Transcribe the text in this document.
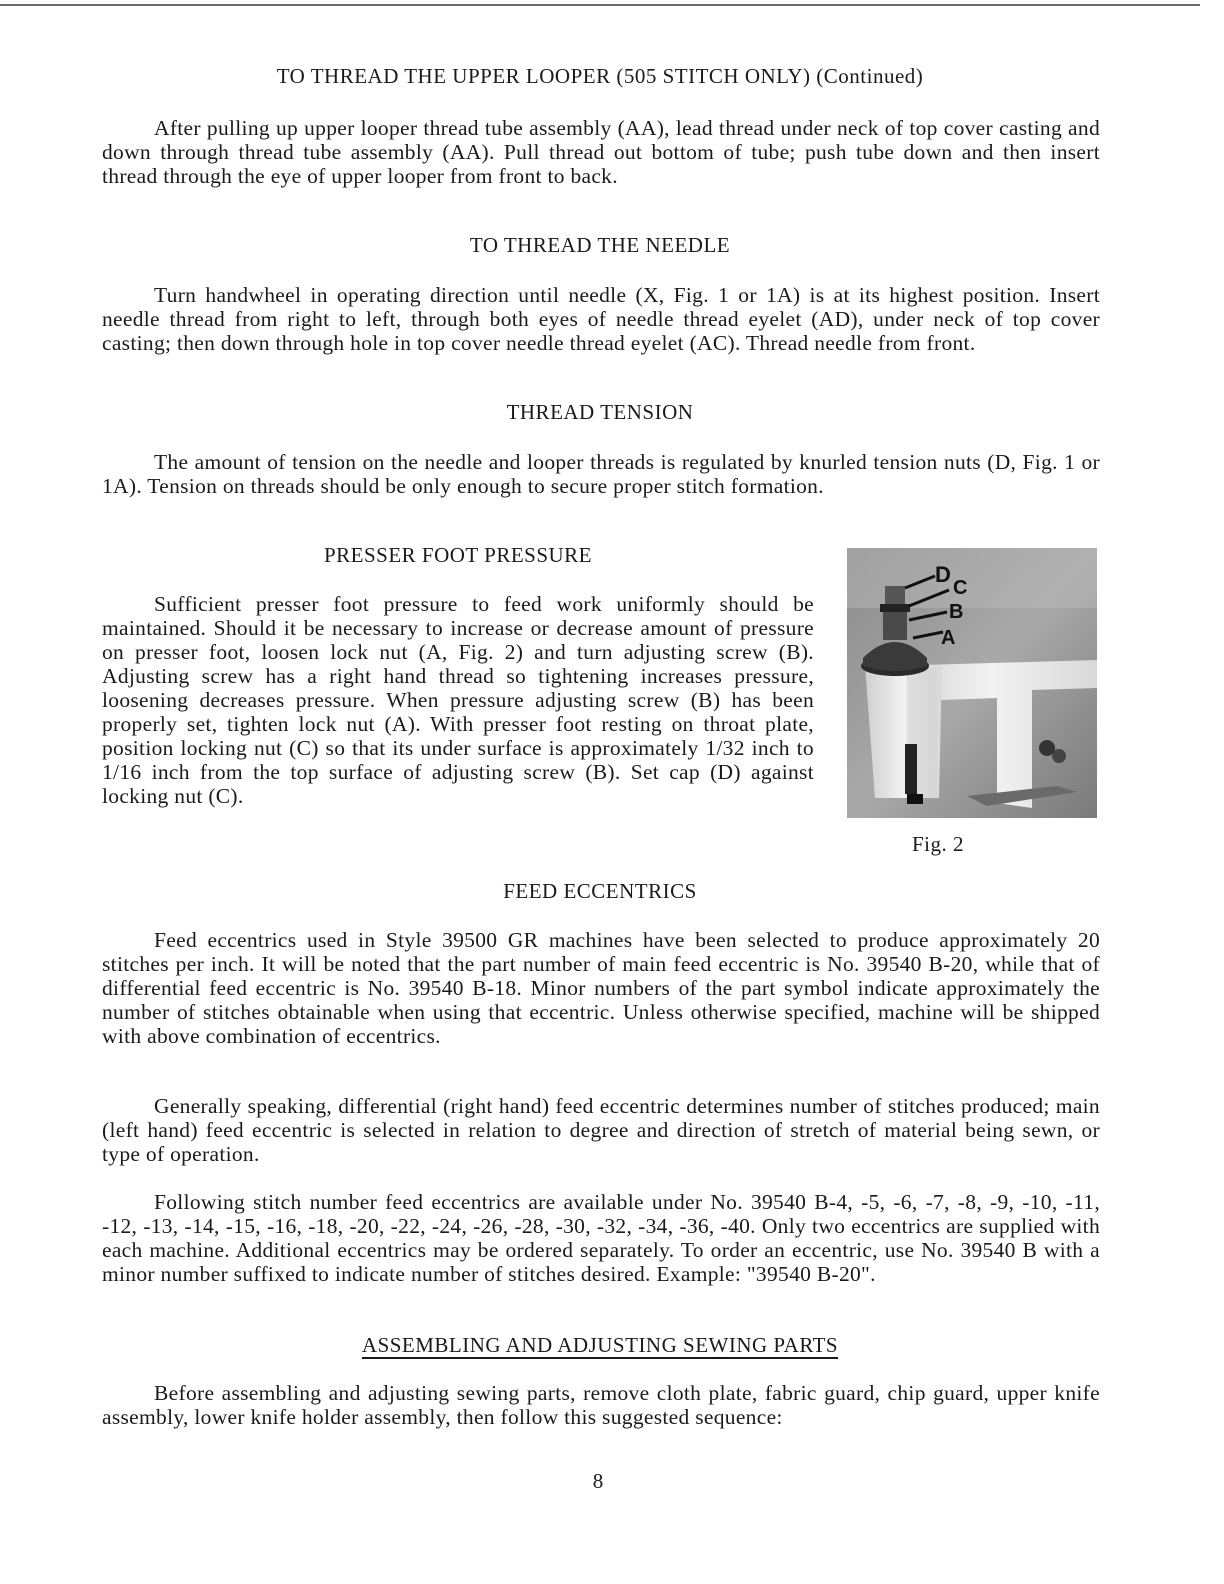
TO THREAD THE UPPER LOOPER (505 STITCH ONLY) (Continued)

After pulling up upper looper thread tube assembly (AA), lead thread under neck of top cover casting and down through thread tube assembly (AA). Pull thread out bottom of tube; push tube down and then insert thread through the eye of upper looper from front to back.

TO THREAD THE NEEDLE

Turn handwheel in operating direction until needle (X, Fig. 1 or 1A) is at its highest position. Insert needle thread from right to left, through both eyes of needle thread eyelet (AD), under neck of top cover casting; then down through hole in top cover needle thread eyelet (AC). Thread needle from front.

THREAD TENSION

The amount of tension on the needle and looper threads is regulated by knurled tension nuts (D, Fig. 1 or 1A). Tension on threads should be only enough to secure proper stitch formation.

PRESSER FOOT PRESSURE

Sufficient presser foot pressure to feed work uniformly should be maintained. Should it be necessary to increase or decrease amount of pressure on presser foot, loosen lock nut (A, Fig. 2) and turn adjusting screw (B). Adjusting screw has a right hand thread so tightening increases pressure, loosening decreases pressure. When pressure adjusting screw (B) has been properly set, tighten lock nut (A). With presser foot resting on throat plate, position locking nut (C) so that its under surface is approximately 1/32 inch to 1/16 inch from the top surface of adjusting screw (B). Set cap (D) against locking nut (C).

D
C
B
A
Fig. 2
FEED ECCENTRICS

Feed eccentrics used in Style 39500 GR machines have been selected to produce approximately 20 stitches per inch. It will be noted that the part number of main feed eccentric is No. 39540 B-20, while that of differential feed eccentric is No. 39540 B-18. Minor numbers of the part symbol indicate approximately the number of stitches obtainable when using that eccentric. Unless otherwise specified, machine will be shipped with above combination of eccentrics.

Generally speaking, differential (right hand) feed eccentric determines number of stitches produced; main (left hand) feed eccentric is selected in relation to degree and direction of stretch of material being sewn, or type of operation.

Following stitch number feed eccentrics are available under No. 39540 B-4, -5, -6, -7, -8, -9, -10, -11, -12, -13, -14, -15, -16, -18, -20, -22, -24, -26, -28, -30, -32, -34, -36, -40. Only two eccentrics are supplied with each machine. Additional eccentrics may be ordered separately. To order an eccentric, use No. 39540 B with a minor number suffixed to indicate number of stitches desired. Example: "39540 B-20".

ASSEMBLING AND ADJUSTING SEWING PARTS

Before assembling and adjusting sewing parts, remove cloth plate, fabric guard, chip guard, upper knife assembly, lower knife holder assembly, then follow this suggested sequence:

8
